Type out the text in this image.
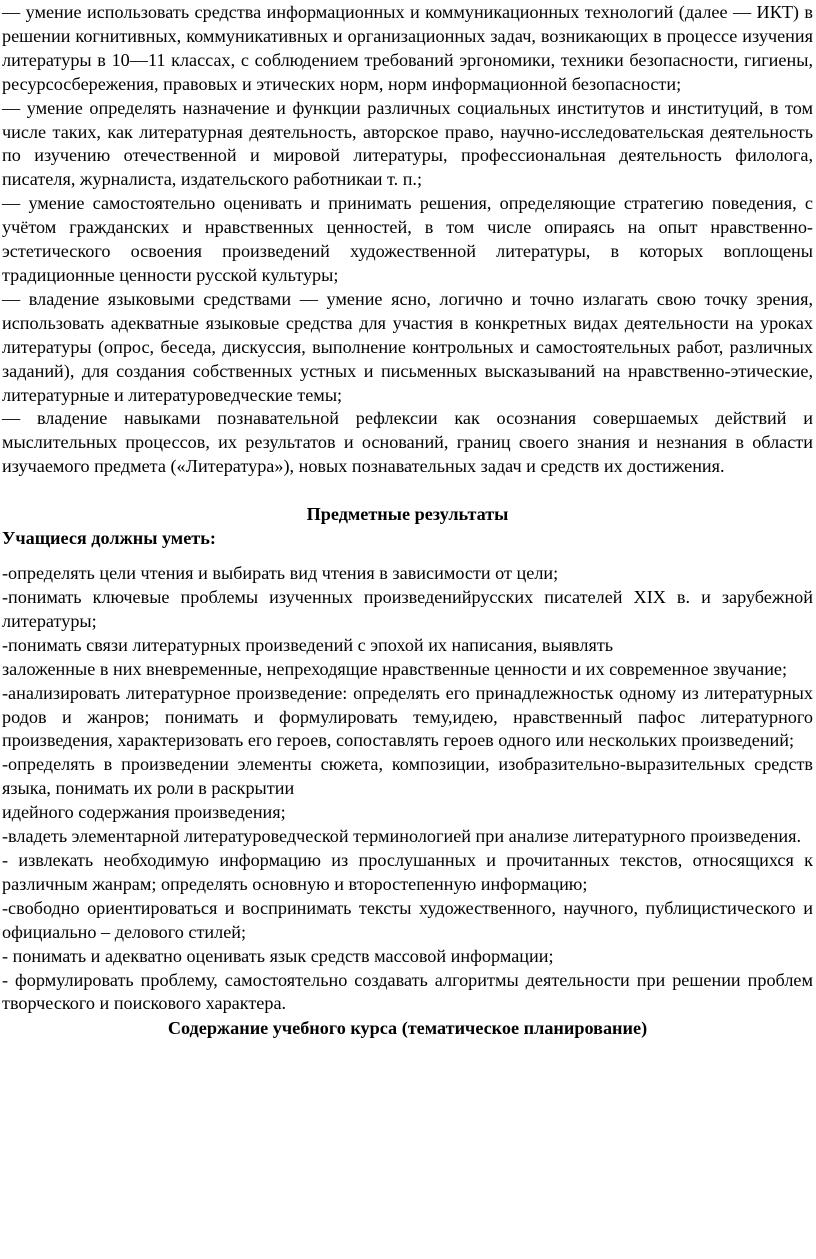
— умение использовать средства информационных и коммуникационных технологий (далее — ИКТ) в решении когнитивных, коммуникативных и организационных задач, возникающих в процессе изучения литературы в 10—11 классах, с соблюдением требований эргономики, техники безопасности, гигиены, ресурсосбережения, правовых и этических норм, норм информационной безопасности;

— умение определять назначение и функции различных социальных институтов и институций, в том числе таких, как литературная деятельность, авторское право, научно-исследовательская деятельность по изучению отечественной и мировой литературы, профессиональная деятельность филолога, писателя, журналиста, издательского работникаи т. п.;

— умение самостоятельно оценивать и принимать решения, определяющие стратегию поведения, с учётом гражданских и нравственных ценностей, в том числе опираясь на опыт нравственно-эстетического освоения произведений художественной литературы, в которых воплощены традиционные ценности русской культуры;

— владение языковыми средствами — умение ясно, логично и точно излагать свою точку зрения, использовать адекватные языковые средства для участия в конкретных видах деятельности на уроках литературы (опрос, беседа, дискуссия, выполнение контрольных и самостоятельных работ, различных заданий), для создания собственных устных и письменных высказываний на нравственно-этические, литературные и литературоведческие темы;

— владение навыками познавательной рефлексии как осознания совершаемых действий и мыслительных процессов, их результатов и оснований, границ своего знания и незнания в области изучаемого предмета («Литература»), новых познавательных задач и средств их достижения.

Предметные результаты

Учащиеся должны уметь:

-определять цели чтения и выбирать вид чтения в зависимости от цели;

-понимать ключевые проблемы изученных произведенийрусских писателей XIX в. и зарубежной литературы;

-понимать связи литературных произведений с эпохой их написания, выявлять

заложенные в них вневременные, непреходящие нравственные ценности и их современное звучание;

-анализировать литературное произведение: определять его принадлежностьк одному из литературных родов и жанров; понимать и формулировать тему,идею, нравственный пафос литературного произведения, характеризовать его героев, сопоставлять героев одного или нескольких произведений;

-определять в произведении элементы сюжета, композиции, изобразительно-выразительных средств языка, понимать их роли в раскрытии

идейного содержания произведения;

-владеть элементарной литературоведческой терминологией при анализе литературного произведения.

- извлекать необходимую информацию из прослушанных и прочитанных текстов, относящихся к различным жанрам; определять основную и второстепенную информацию;

-свободно ориентироваться и воспринимать тексты художественного, научного, публицистического и официально – делового стилей;

- понимать и адекватно оценивать язык средств массовой информации;

- формулировать проблему, самостоятельно создавать алгоритмы деятельности при решении проблем творческого и поискового характера.

Содержание учебного курса (тематическое планирование)
